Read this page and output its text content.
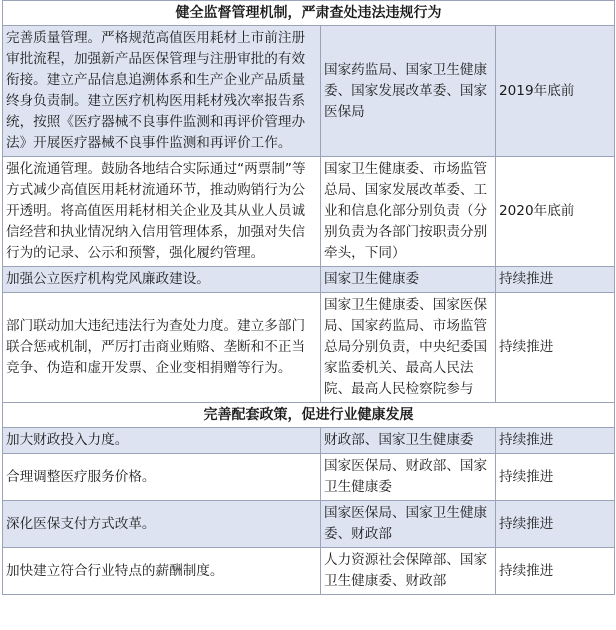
健全监督管理机制，严肃查处违法违规行为		
完善质量管理。严格规范高值医用耗材上市前注册审批流程，加强新产品医保管理与注册审批的有效衔接。建立产品信息追溯体系和生产企业产品质量终身负责制。建立医疗机构医用耗材残次率报告系统，按照《医疗器械不良事件监测和再评价管理办法》开展医疗器械不良事件监测和再评价工作。	国家药监局、国家卫生健康委、国家发展改革委、国家医保局	2019年底前
强化流通管理。鼓励各地结合实际通过“两票制”等方式减少高值医用耗材流通环节，推动购销行为公开透明。将高值医用耗材相关企业及其从业人员诚信经营和执业情况纳入信用管理体系，加强对失信行为的记录、公示和预警，强化履约管理。	国家卫生健康委、市场监管总局、国家发展改革委、工业和信息化部分别负责（分别负责为各部门按职责分别牵头，下同）	2020年底前
加强公立医疗机构党风廉政建设。	国家卫生健康委	持续推进
部门联动加大违纪违法行为查处力度。建立多部门联合惩戒机制，严厉打击商业贿赂、垄断和不正当竞争、伪造和虚开发票、企业变相捐赠等行为。	国家卫生健康委、国家医保局、国家药监局、市场监管总局分别负责，中央纪委国家监委机关、最高人民法院、最高人民检察院参与	持续推进
完善配套政策，促进行业健康发展		
加大财政投入力度。	财政部、国家卫生健康委	持续推进
合理调整医疗服务价格。	国家医保局、财政部、国家卫生健康委	持续推进
深化医保支付方式改革。	国家医保局、国家卫生健康委、财政部	持续推进
加快建立符合行业特点的薪酬制度。	人力资源社会保障部、国家卫生健康委、财政部	持续推进
